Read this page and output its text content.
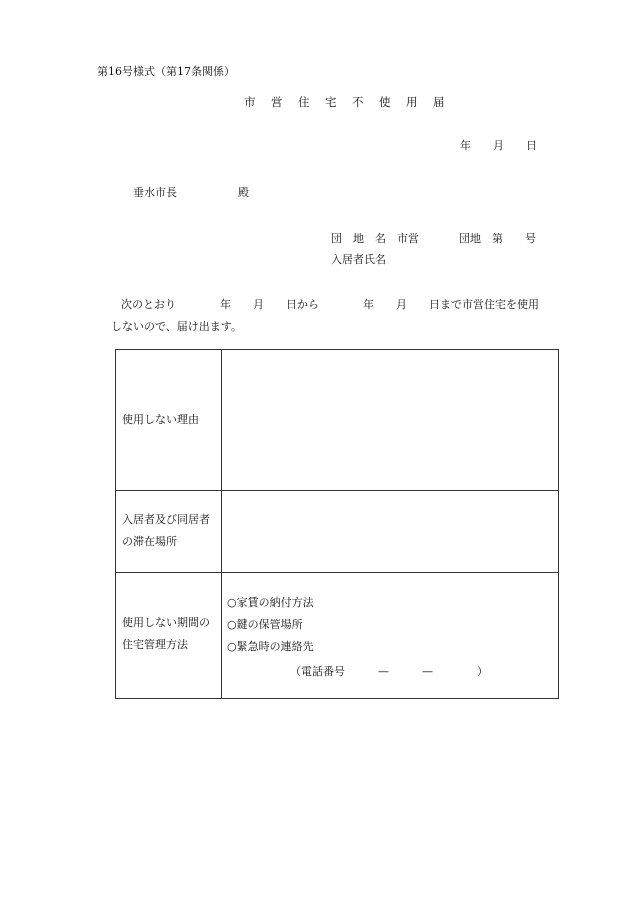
第16号様式（第17条関係）
市　営　住　宅　不　使　用　届
年　　月　　日
垂水市長	殿
団　地　名　市営	団地　第　　号
入居者氏名
次のとおり　　　　年　　月　　日から　　　　年　　月　　日まで市営住宅を使用
しないので、届け出ます。
使用しない理由
入居者及び同居者
の滞在場所
使用しない期間の
住宅管理方法
○家賃の納付方法
○鍵の保管場所
○緊急時の連絡先
（電話番号　　　—　　　—　　　　）
